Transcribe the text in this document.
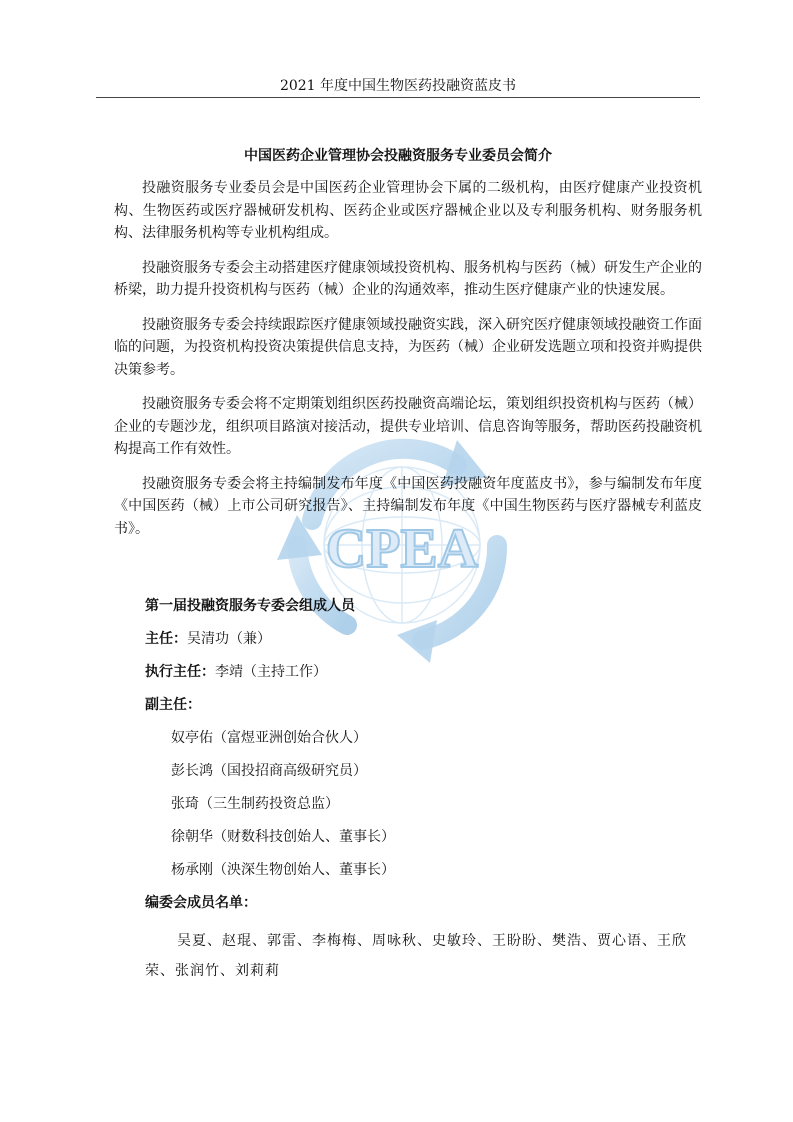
2021 年度中国生物医药投融资蓝皮书
CPEA
中国医药企业管理协会投融资服务专业委员会简介

投融资服务专业委员会是中国医药企业管理协会下属的二级机构，由医疗健康产业投资机构、生物医药或医疗器械研发机构、医药企业或医疗器械企业以及专利服务机构、财务服务机构、法律服务机构等专业机构组成。

投融资服务专委会主动搭建医疗健康领域投资机构、服务机构与医药（械）研发生产企业的桥梁，助力提升投资机构与医药（械）企业的沟通效率，推动生医疗健康产业的快速发展。

投融资服务专委会持续跟踪医疗健康领域投融资实践，深入研究医疗健康领域投融资工作面临的问题，为投资机构投资决策提供信息支持，为医药（械）企业研发选题立项和投资并购提供决策参考。

投融资服务专委会将不定期策划组织医药投融资高端论坛，策划组织投资机构与医药（械）企业的专题沙龙，组织项目路演对接活动，提供专业培训、信息咨询等服务，帮助医药投融资机构提高工作有效性。

投融资服务专委会将主持编制发布年度《中国医药投融资年度蓝皮书》，参与编制发布年度《中国医药（械）上市公司研究报告》、主持编制发布年度《中国生物医药与医疗器械专利蓝皮书》。

第一届投融资服务专委会组成人员
主任：吴清功（兼）
执行主任：李靖（主持工作）
副主任：
奴亭佑（富煜亚洲创始合伙人）
彭长鸿（国投招商高级研究员）
张琦（三生制药投资总监）
徐朝华（财数科技创始人、董事长）
杨承刚（泱深生物创始人、董事长）
编委会成员名单：

吴夏、赵琨、郭雷、李梅梅、周咏秋、史敏玲、王盼盼、樊浩、贾心语、王欣荣、张润竹、刘莉莉
